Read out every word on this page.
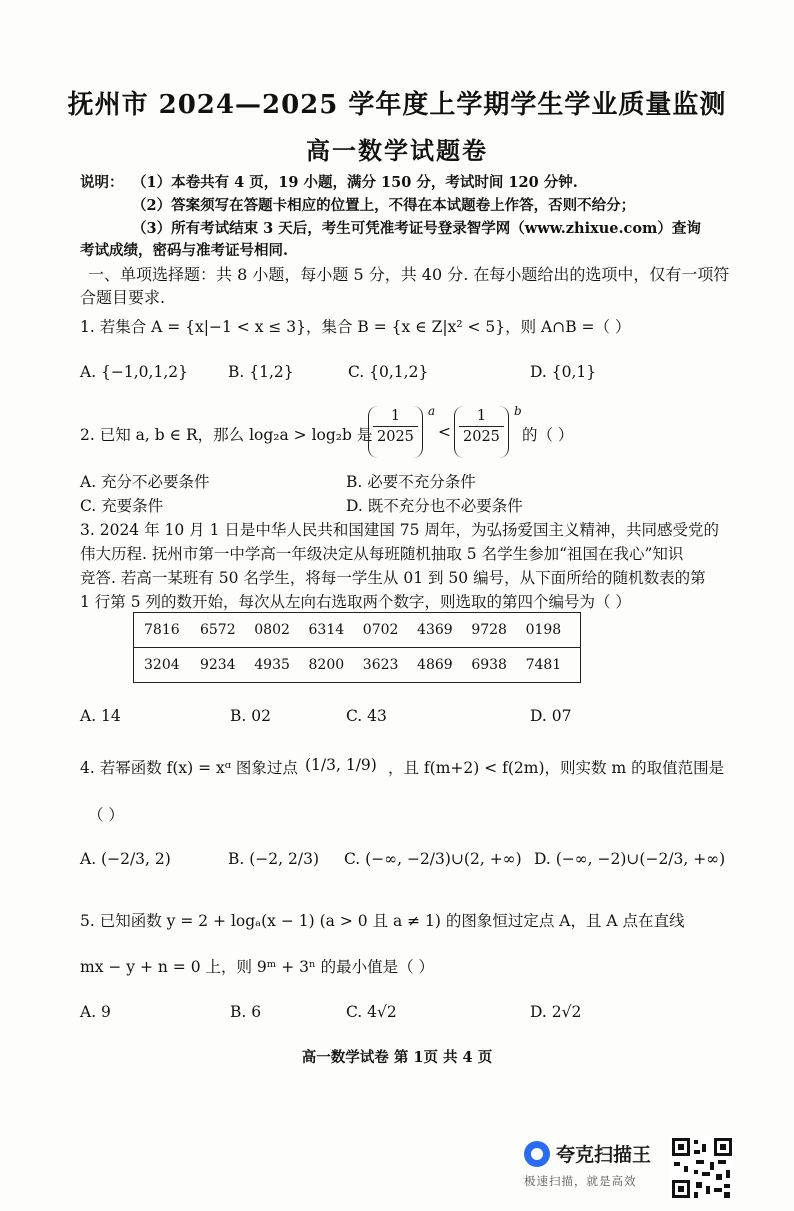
抚州市 2024—2025 学年度上学期学生学业质量监测
高一数学试题卷
说明： （1）本卷共有 4 页，19 小题，满分 150 分，考试时间 120 分钟.
（2）答案须写在答题卡相应的位置上，不得在本试题卷上作答，否则不给分；
（3）所有考试结束 3 天后，考生可凭准考证号登录智学网（www.zhixue.com）查询
考试成绩，密码与准考证号相同.
一、单项选择题：共 8 小题，每小题 5 分，共 40 分. 在每小题给出的选项中，仅有一项符
合题目要求.
1. 若集合 A = {x|−1 < x ≤ 3}，集合 B = {x ∈ Z|x² < 5}，则 A∩B =（ ）
A. {−1,0,1,2}	B. {1,2}	C. {0,1,2}	D. {0,1}
2. 已知 a, b ∈ R，那么 log₂a > log₂b 是
$\frac{1}{2025}$ a
< $\frac{1}{2025}$ b
的（ ）
A. 充分不必要条件	B. 必要不充分条件
C. 充要条件	D. 既不充分也不必要条件
3. 2024 年 10 月 1 日是中华人民共和国建国 75 周年，为弘扬爱国主义精神，共同感受党的
伟大历程. 抚州市第一中学高一年级决定从每班随机抽取 5 名学生参加“祖国在我心”知识
竞答. 若高一某班有 50 名学生，将每一学生从 01 到 50 编号，从下面所给的随机数表的第
1 行第 5 列的数开始，每次从左向右选取两个数字，则选取的第四个编号为（ ）
7816	6572	0802	6314	0702	4369	9728	0198
3204	9234	4935	8200	3623	4869	6938	7481
A. 14	B. 02	C. 43	D. 07
4. 若幂函数 f(x) = xᵅ 图象过点 (1/3, 1/9) ，且 f(m+2) < f(2m)，则实数 m 的取值范围是
（ ）
A. (−2/3, 2)	B. (−2, 2/3) C. (−∞, −2/3)∪(2, +∞) D. (−∞, −2)∪(−2/3, +∞)
5. 已知函数 y = 2 + logₐ(x − 1) (a > 0 且 a ≠ 1) 的图象恒过定点 A，且 A 点在直线
mx − y + n = 0 上，则 9ᵐ + 3ⁿ 的最小值是（ ）
A. 9	B. 6	C. 4√2	D. 2√2
高一数学试卷 第 1页 共 4 页
夸克扫描王
极速扫描，就是高效
